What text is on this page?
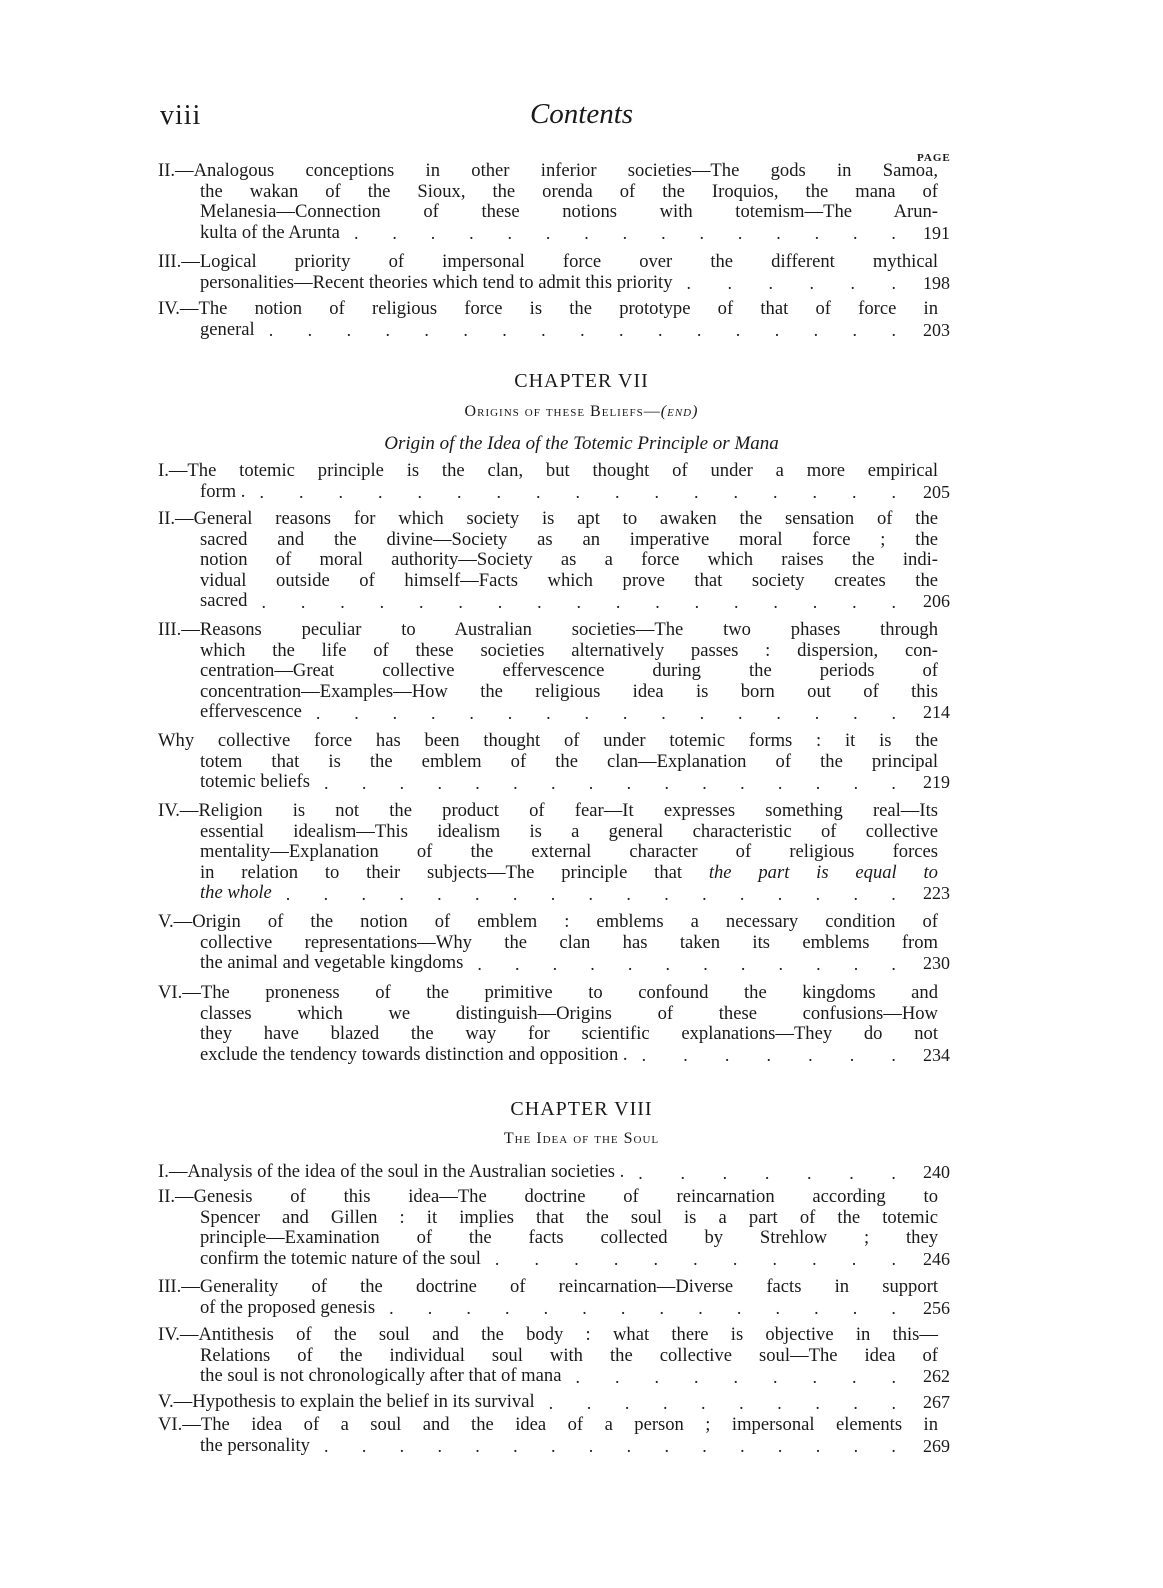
viii	Contents
PAGE
II.—Analogous conceptions in other inferior societies—The gods in Samoa,
the wakan of the Sioux, the orenda of the Iroquios, the mana of
Melanesia—Connection of these notions with totemism—The Arun-
kulta of the Arunta	191
. . . . . . . . . . . . . . .
III.—Logical priority of impersonal force over the different mythical
personalities—Recent theories which tend to admit this priority	198
. . . . . .
IV.—The notion of religious force is the prototype of that of force in
general	203
. . . . . . . . . . . . . . . . .
I.—The totemic principle is the clan, but thought of under a more empirical
form .	205
. . . . . . . . . . . . . . . . .
II.—General reasons for which society is apt to awaken the sensation of the
sacred and the divine—Society as an imperative moral force ; the
notion of moral authority—Society as a force which raises the indi-
vidual outside of himself—Facts which prove that society creates the
sacred	206
. . . . . . . . . . . . . . . . .
III.—Reasons peculiar to Australian societies—The two phases through
which the life of these societies alternatively passes : dispersion, con-
centration—Great collective effervescence during the periods of
concentration—Examples—How the religious idea is born out of this
effervescence	214
. . . . . . . . . . . . . . . .
Why collective force has been thought of under totemic forms : it is the
totem that is the emblem of the clan—Explanation of the principal
totemic beliefs	219
. . . . . . . . . . . . . . . .
IV.—Religion is not the product of fear—It expresses something real—Its
essential idealism—This idealism is a general characteristic of collective
mentality—Explanation of the external character of religious forces
in relation to their subjects—The principle that the part is equal to
the whole	223
. . . . . . . . . . . . . . . . .
V.—Origin of the notion of emblem : emblems a necessary condition of
collective representations—Why the clan has taken its emblems from
the animal and vegetable kingdoms	230
. . . . . . . . . . . .
VI.—The proneness of the primitive to confound the kingdoms and
classes which we distinguish—Origins of these confusions—How
they have blazed the way for scientific explanations—They do not
exclude the tendency towards distinction and opposition .	234
. . . . . . .
I.—Analysis of the idea of the soul in the Australian societies .	240
. . . . . . .
II.—Genesis of this idea—The doctrine of reincarnation according to
Spencer and Gillen : it implies that the soul is a part of the totemic
principle—Examination of the facts collected by Strehlow ; they
confirm the totemic nature of the soul	246
. . . . . . . . . . .
III.—Generality of the doctrine of reincarnation—Diverse facts in support
of the proposed genesis	256
. . . . . . . . . . . . . .
IV.—Antithesis of the soul and the body : what there is objective in this—
Relations of the individual soul with the collective soul—The idea of
the soul is not chronologically after that of mana	262
. . . . . . . . .
V.—Hypothesis to explain the belief in its survival	267
. . . . . . . . . .
VI.—The idea of a soul and the idea of a person ; impersonal elements in
the personality	269
. . . . . . . . . . . . . . . .
CHAPTER VII
Origins of these Beliefs—(end)
Origin of the Idea of the Totemic Principle or Mana
CHAPTER VIII
The Idea of the Soul
